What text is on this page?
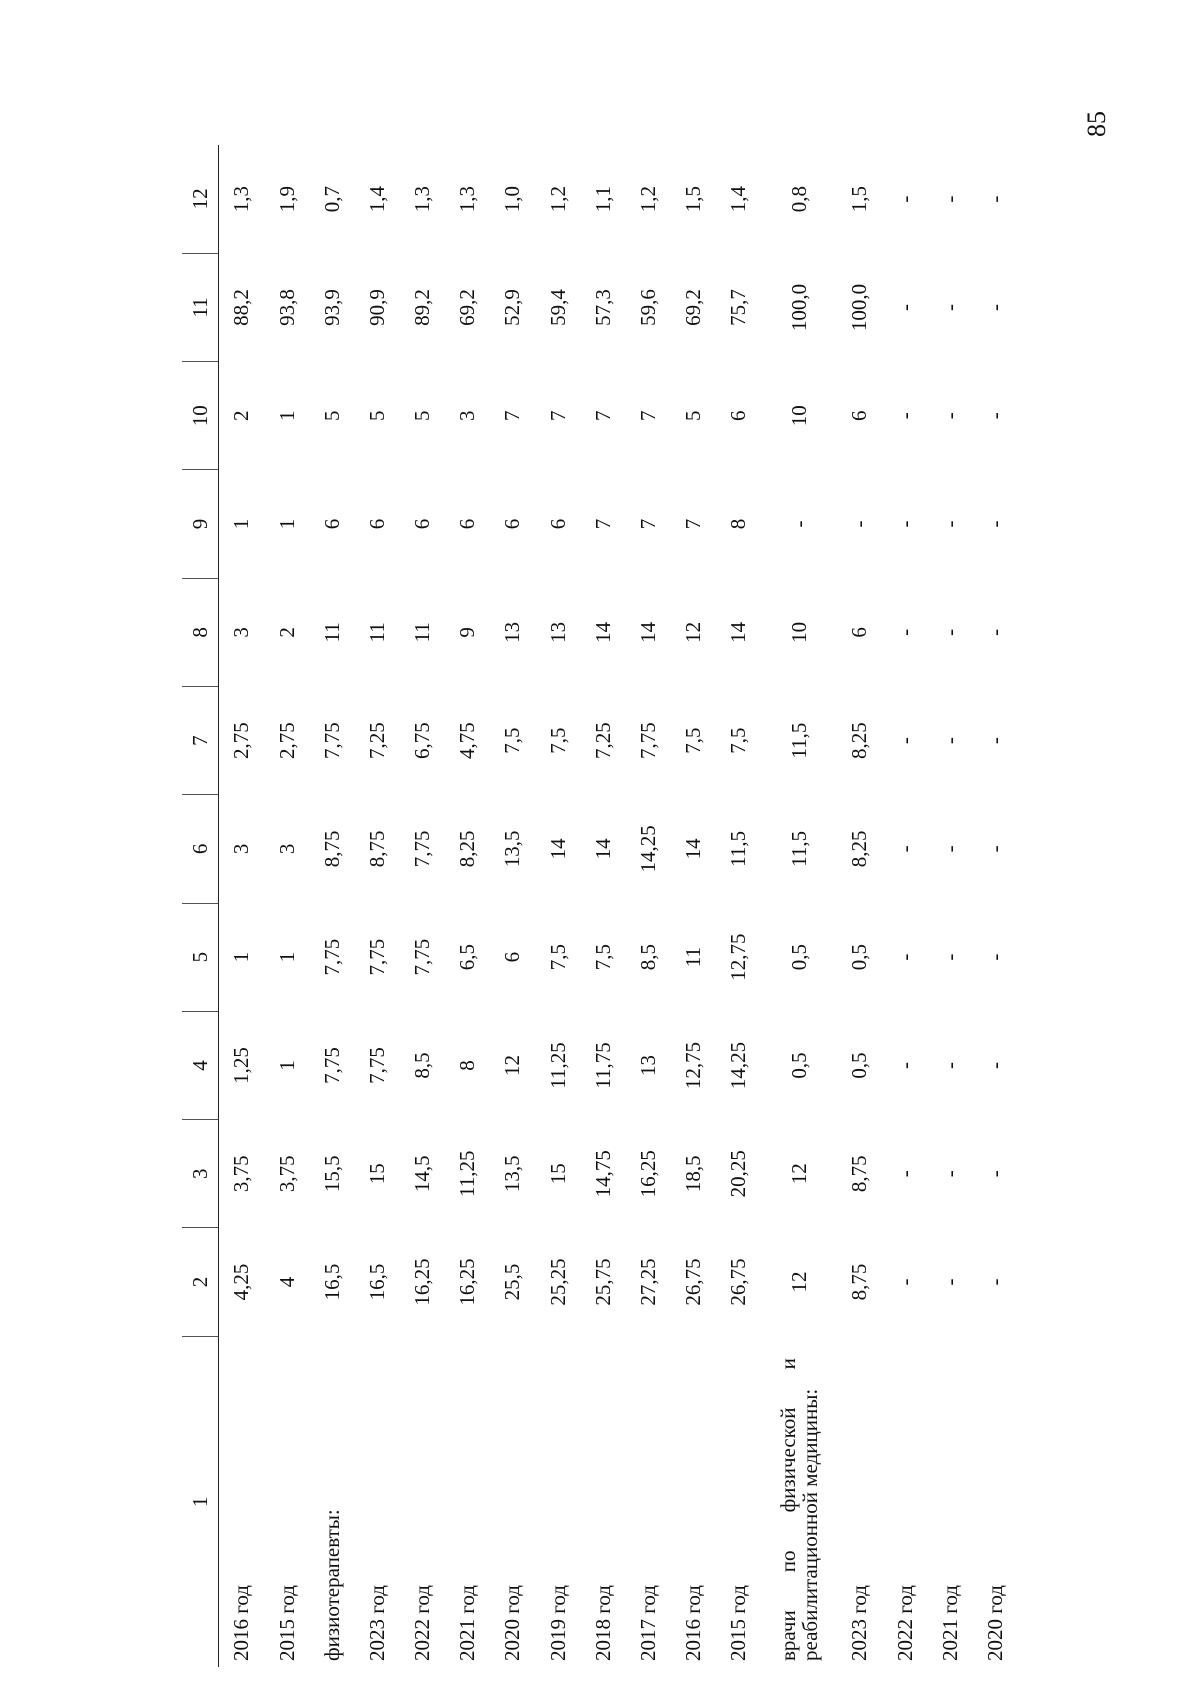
85
1	2	3	4	5	6	7	8	9	10	11	12
2016 год	4,25	3,75	1,25	1	3	2,75	3	1	2	88,2	1,3
2015 год	4	3,75	1	1	3	2,75	2	1	1	93,8	1,9
физиотерапевты:	16,5	15,5	7,75	7,75	8,75	7,75	11	6	5	93,9	0,7
2023 год	16,5	15	7,75	7,75	8,75	7,25	11	6	5	90,9	1,4
2022 год	16,25	14,5	8,5	7,75	7,75	6,75	11	6	5	89,2	1,3
2021 год	16,25	11,25	8	6,5	8,25	4,75	9	6	3	69,2	1,3
2020 год	25,5	13,5	12	6	13,5	7,5	13	6	7	52,9	1,0
2019 год	25,25	15	11,25	7,5	14	7,5	13	6	7	59,4	1,2
2018 год	25,75	14,75	11,75	7,5	14	7,25	14	7	7	57,3	1,1
2017 год	27,25	16,25	13	8,5	14,25	7,75	14	7	7	59,6	1,2
2016 год	26,75	18,5	12,75	11	14	7,5	12	7	5	69,2	1,5
2015 год	26,75	20,25	14,25	12,75	11,5	7,5	14	8	6	75,7	1,4
врачи по физической и реабилитационной медицины:	12	12	0,5	0,5	11,5	11,5	10	-	10	100,0	0,8
2023 год	8,75	8,75	0,5	0,5	8,25	8,25	6	-	6	100,0	1,5
2022 год	-	-	-	-	-	-	-	-	-	-	-
2021 год	-	-	-	-	-	-	-	-	-	-	-
2020 год	-	-	-	-	-	-	-	-	-	-	-
